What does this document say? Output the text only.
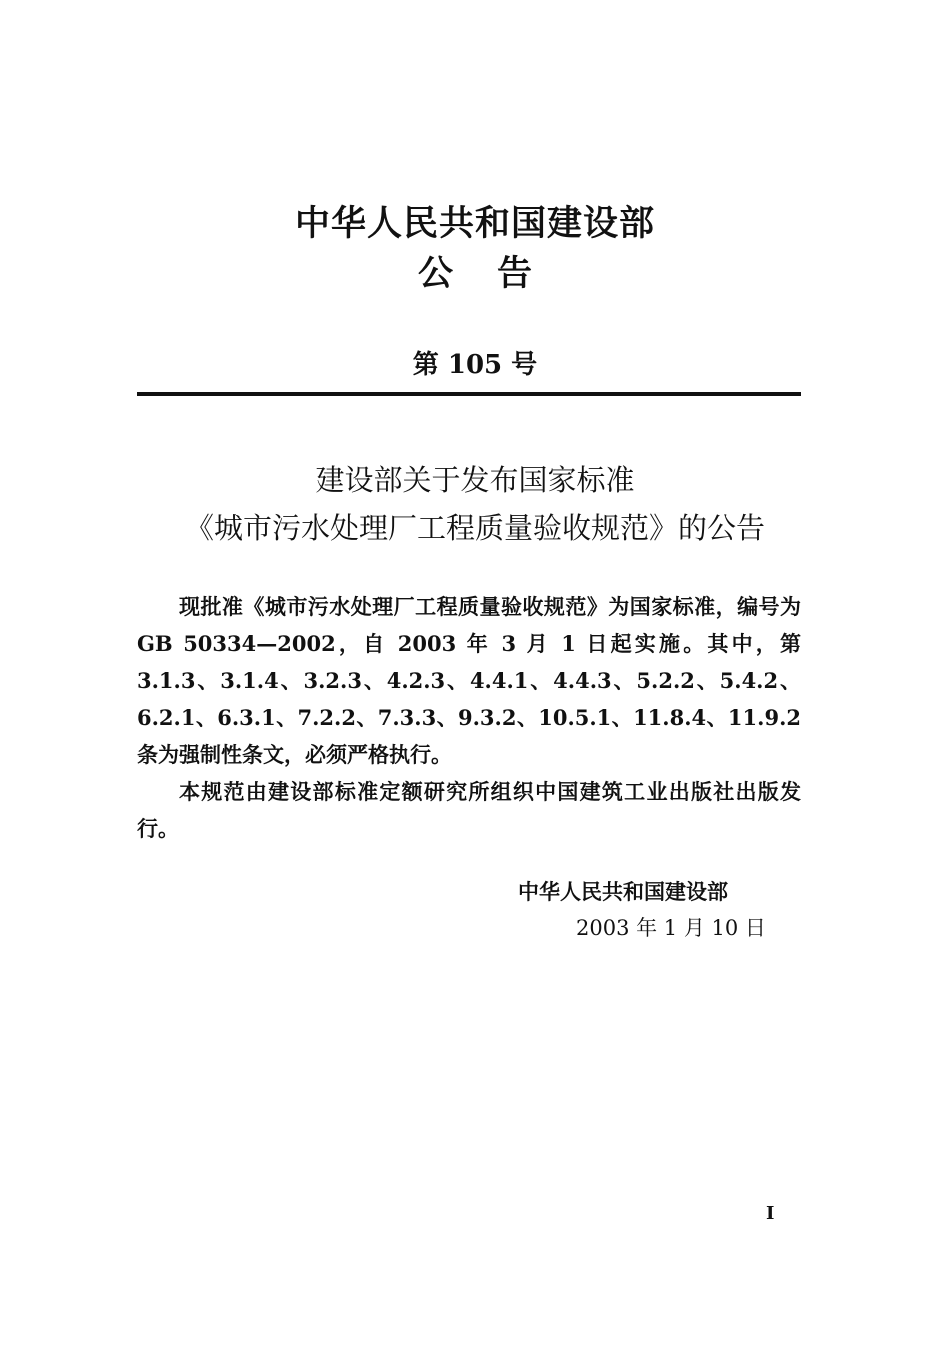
中华人民共和国建设部
公告
第 105 号
建设部关于发布国家标准
《城市污水处理厂工程质量验收规范》的公告

现批准《城市污水处理厂工程质量验收规范》为国家标准，编号为 GB 50334—2002，自 2003 年 3 月 1 日起实施。其中，第 3.1.3、3.1.4、3.2.3、4.2.3、4.4.1、4.4.3、5.2.2、5.4.2、6.2.1、6.3.1、7.2.2、7.3.3、9.3.2、10.5.1、11.8.4、11.9.2 条为强制性条文，必须严格执行。

本规范由建设部标准定额研究所组织中国建筑工业出版社出版发行。

中华人民共和国建设部
2003 年 1 月 10 日
I
